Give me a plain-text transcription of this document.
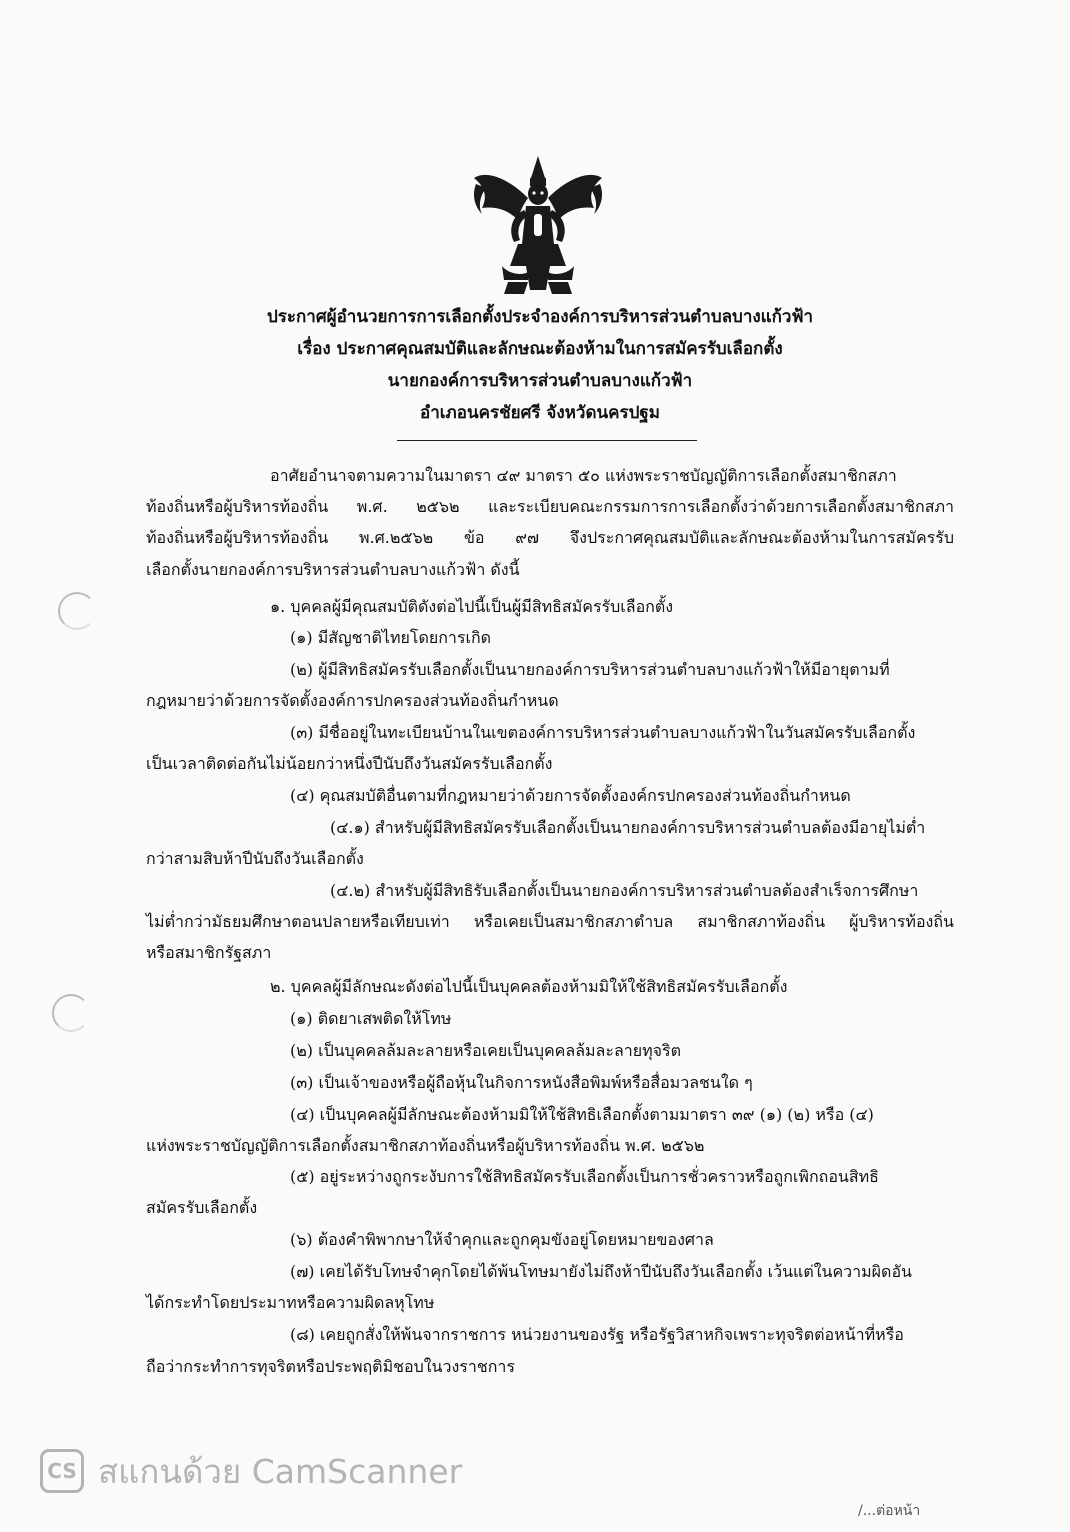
ประกาศผู้อำนวยการการเลือกตั้งประจำองค์การบริหารส่วนตำบลบางแก้วฟ้า
เรื่อง ประกาศคุณสมบัติและลักษณะต้องห้ามในการสมัครรับเลือกตั้ง
นายกองค์การบริหารส่วนตำบลบางแก้วฟ้า
อำเภอนครชัยศรี จังหวัดนครปฐม
อาศัยอำนาจตามความในมาตรา ๔๙ มาตรา ๕๐ แห่งพระราชบัญญัติการเลือกตั้งสมาชิกสภา
ท้องถิ่นหรือผู้บริหารท้องถิ่น พ.ศ. ๒๕๖๒ และระเบียบคณะกรรมการการเลือกตั้งว่าด้วยการเลือกตั้งสมาชิกสภา
ท้องถิ่นหรือผู้บริหารท้องถิ่น พ.ศ.๒๕๖๒ ข้อ ๙๗ จึงประกาศคุณสมบัติและลักษณะต้องห้ามในการสมัครรับ
เลือกตั้งนายกองค์การบริหารส่วนตำบลบางแก้วฟ้า ดังนี้
๑. บุคคลผู้มีคุณสมบัติดังต่อไปนี้เป็นผู้มีสิทธิสมัครรับเลือกตั้ง
(๑) มีสัญชาติไทยโดยการเกิด
(๒) ผู้มีสิทธิสมัครรับเลือกตั้งเป็นนายกองค์การบริหารส่วนตำบลบางแก้วฟ้าให้มีอายุตามที่
กฎหมายว่าด้วยการจัดตั้งองค์การปกครองส่วนท้องถิ่นกำหนด
(๓) มีชื่ออยู่ในทะเบียนบ้านในเขตองค์การบริหารส่วนตำบลบางแก้วฟ้าในวันสมัครรับเลือกตั้ง
เป็นเวลาติดต่อกันไม่น้อยกว่าหนึ่งปีนับถึงวันสมัครรับเลือกตั้ง
(๔) คุณสมบัติอื่นตามที่กฎหมายว่าด้วยการจัดตั้งองค์กรปกครองส่วนท้องถิ่นกำหนด
(๔.๑) สำหรับผู้มีสิทธิสมัครรับเลือกตั้งเป็นนายกองค์การบริหารส่วนตำบลต้องมีอายุไม่ต่ำ
กว่าสามสิบห้าปีนับถึงวันเลือกตั้ง
(๔.๒) สำหรับผู้มีสิทธิรับเลือกตั้งเป็นนายกองค์การบริหารส่วนตำบลต้องสำเร็จการศึกษา
ไม่ต่ำกว่ามัธยมศึกษาตอนปลายหรือเทียบเท่า หรือเคยเป็นสมาชิกสภาตำบล สมาชิกสภาท้องถิ่น ผู้บริหารท้องถิ่น
หรือสมาชิกรัฐสภา
๒. บุคคลผู้มีลักษณะดังต่อไปนี้เป็นบุคคลต้องห้ามมิให้ใช้สิทธิสมัครรับเลือกตั้ง
(๑) ติดยาเสพติดให้โทษ
(๒) เป็นบุคคลล้มละลายหรือเคยเป็นบุคคลล้มละลายทุจริต
(๓) เป็นเจ้าของหรือผู้ถือหุ้นในกิจการหนังสือพิมพ์หรือสื่อมวลชนใด ๆ
(๔) เป็นบุคคลผู้มีลักษณะต้องห้ามมิให้ใช้สิทธิเลือกตั้งตามมาตรา ๓๙ (๑) (๒) หรือ (๔)
แห่งพระราชบัญญัติการเลือกตั้งสมาชิกสภาท้องถิ่นหรือผู้บริหารท้องถิ่น พ.ศ. ๒๕๖๒
(๕) อยู่ระหว่างถูกระงับการใช้สิทธิสมัครรับเลือกตั้งเป็นการชั่วคราวหรือถูกเพิกถอนสิทธิ
สมัครรับเลือกตั้ง
(๖) ต้องคำพิพากษาให้จำคุกและถูกคุมขังอยู่โดยหมายของศาล
(๗) เคยได้รับโทษจำคุกโดยได้พ้นโทษมายังไม่ถึงห้าปีนับถึงวันเลือกตั้ง เว้นแต่ในความผิดอัน
ได้กระทำโดยประมาทหรือความผิดลหุโทษ
(๘) เคยถูกสั่งให้พ้นจากราชการ หน่วยงานของรัฐ หรือรัฐวิสาหกิจเพราะทุจริตต่อหน้าที่หรือ
ถือว่ากระทำการทุจริตหรือประพฤติมิชอบในวงราชการ
/...ต่อหน้า
CS สแกนด้วย CamScanner
